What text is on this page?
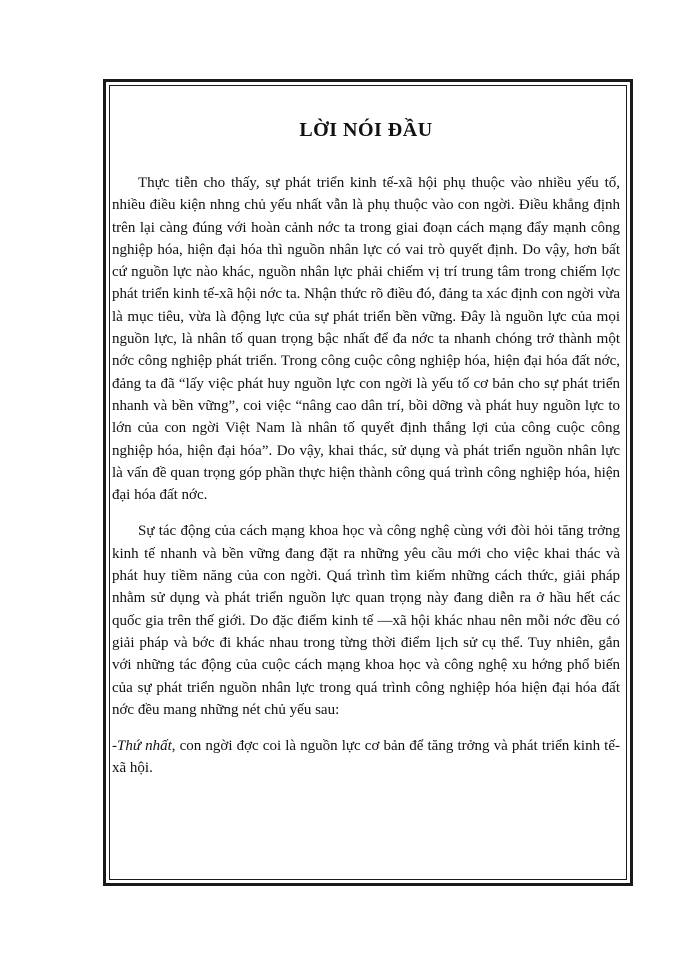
LỜI NÓI ĐẦU

Thực tiễn cho thấy, sự phát triển kinh tế-xã hội phụ thuộc vào nhiều yếu tố, nhiều điều kiện nhng chủ yếu nhất vẫn là phụ thuộc vào con ngời. Điều khẳng định trên lại càng đúng với hoàn cảnh nớc ta trong giai đoạn cách mạng đẩy mạnh công nghiệp hóa, hiện đại hóa thì nguồn nhân lực có vai trò quyết định. Do vậy, hơn bất cứ nguồn lực nào khác, nguồn nhân lực phải chiếm vị trí trung tâm trong chiếm lợc phát triển kinh tế-xã hội nớc ta. Nhận thức rõ điều đó, đảng ta xác định con ngời vừa là mục tiêu, vừa là động lực của sự phát triển bền vững. Đây là nguồn lực của mọi nguồn lực, là nhân tố quan trọng bậc nhất để đa nớc ta nhanh chóng trở thành một nớc công nghiệp phát triển. Trong công cuộc công nghiệp hóa, hiện đại hóa đất nớc, đảng ta đã “lấy việc phát huy nguồn lực con ngời là yếu tố cơ bản cho sự phát triển nhanh và bền vững”, coi việc “nâng cao dân trí, bồi dỡng và phát huy nguồn lực to lớn của con ngời Việt Nam là nhân tố quyết định thắng lợi của công cuộc công nghiệp hóa, hiện đại hóa”. Do vậy, khai thác, sử dụng và phát triển nguồn nhân lực là vấn đề quan trọng góp phần thực hiện thành công quá trình công nghiệp hóa, hiện đại hóa đất nớc.

Sự tác động của cách mạng khoa học và công nghệ cùng với đòi hỏi tăng trởng kinh tế nhanh và bền vững đang đặt ra những yêu cầu mới cho việc khai thác và phát huy tiềm năng của con ngời. Quá trình tìm kiếm những cách thức, giải pháp nhằm sử dụng và phát triển nguồn lực quan trọng này đang diễn ra ở hầu hết các quốc gia trên thế giới. Do đặc điểm kinh tế —xã hội khác nhau nên mỗi nớc đều có giải pháp và bớc đi khác nhau trong từng thời điểm lịch sử cụ thể. Tuy nhiên, gắn với những tác động của cuộc cách mạng khoa học và công nghệ xu hớng phổ biến của sự phát triển nguồn nhân lực trong quá trình công nghiệp hóa hiện đại hóa đất nớc đều mang những nét chủ yếu sau:

-Thứ nhất, con ngời đợc coi là nguồn lực cơ bản để tăng trởng và phát triển kinh tế-xã hội.
